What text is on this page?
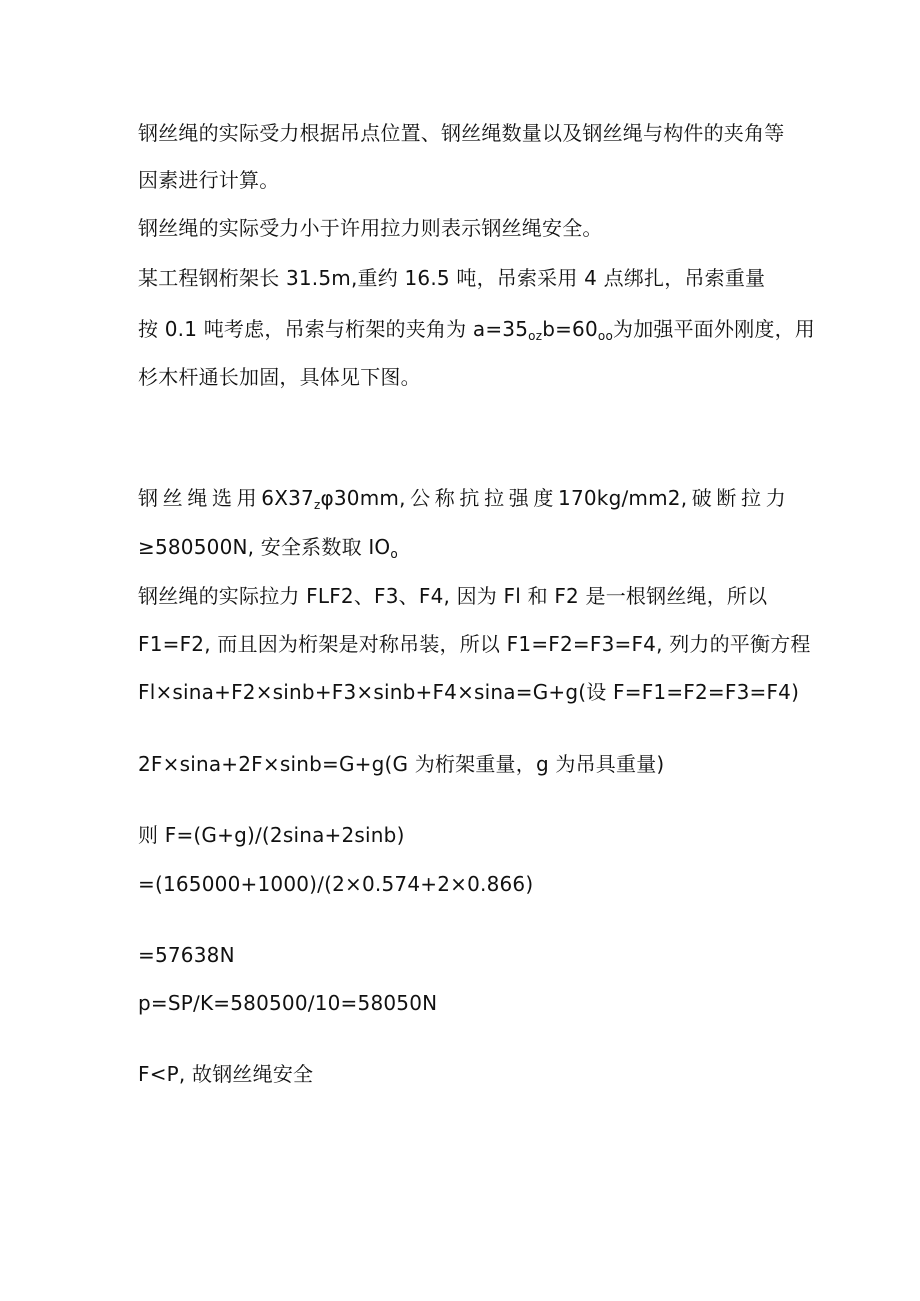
钢丝绳的实际受力根据吊点位置、钢丝绳数量以及钢丝绳与构件的夹角等
因素进行计算。
钢丝绳的实际受力小于许用拉力则表示钢丝绳安全。
某工程钢桁架长 31.5m,重约 16.5 吨，吊索采用 4 点绑扎，吊索重量
按 0.1 吨考虑，吊索与桁架的夹角为 $a=35_{oz}b=60_{oo}$为加强平面外刚度，用
杉木杆通长加固，具体见下图。
钢 丝 绳 选 用 $6X37_z\varphi 30mm$, 公 称 抗 拉 强 度 170kg∕mm2, 破 断 拉 力
≥580500N, 安全系数取 $IO_o$
钢丝绳的实际拉力 FLF2、F3、F4, 因为 Fl 和 F2 是一根钢丝绳，所以
F1=F2, 而且因为桁架是对称吊装，所以 F1=F2=F3=F4, 列力的平衡方程
Fl×sina+F2×sinb+F3×sinb+F4×sina=G+g(设 F=F1=F2=F3=F4)
2F×sina+2F×sinb=G+g(G 为桁架重量，g 为吊具重量)
则 F=(G+g)∕(2sina+2sinb)
=(165000+1000)∕(2×0.574+2×0.866)
=57638N
p=SP∕K=580500∕10=58050N
F<P, 故钢丝绳安全
